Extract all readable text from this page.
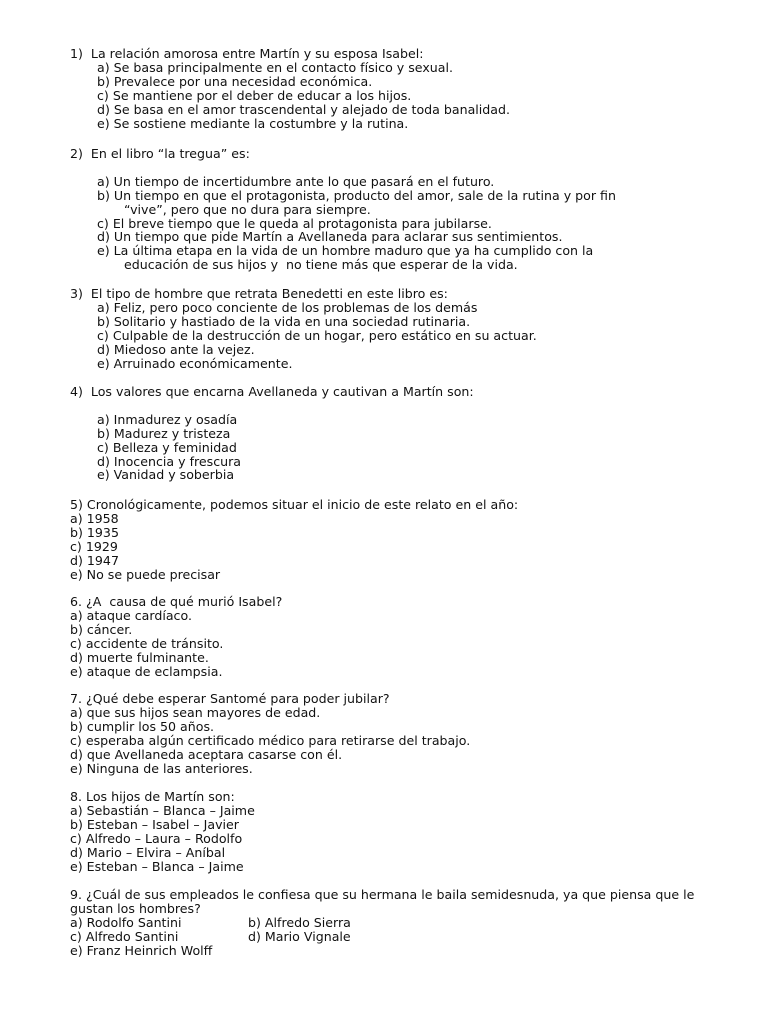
1)  La relación amorosa entre Martín y su esposa Isabel:
a) Se basa principalmente en el contacto físico y sexual.
b) Prevalece por una necesidad económica.
c) Se mantiene por el deber de educar a los hijos.
d) Se basa en el amor trascendental y alejado de toda banalidad.
e) Se sostiene mediante la costumbre y la rutina.
2)  En el libro “la tregua” es:
a) Un tiempo de incertidumbre ante lo que pasará en el futuro.
b) Un tiempo en que el protagonista, producto del amor, sale de la rutina y por fin
“vive”, pero que no dura para siempre.
c) El breve tiempo que le queda al protagonista para jubilarse.
d) Un tiempo que pide Martín a Avellaneda para aclarar sus sentimientos.
e) La última etapa en la vida de un hombre maduro que ya ha cumplido con la
educación de sus hijos y  no tiene más que esperar de la vida.
3)  El tipo de hombre que retrata Benedetti en este libro es:
a) Feliz, pero poco conciente de los problemas de los demás
b) Solitario y hastiado de la vida en una sociedad rutinaria.
c) Culpable de la destrucción de un hogar, pero estático en su actuar.
d) Miedoso ante la vejez.
e) Arruinado económicamente.
4)  Los valores que encarna Avellaneda y cautivan a Martín son:
a) Inmadurez y osadía
b) Madurez y tristeza
c) Belleza y feminidad
d) Inocencia y frescura
e) Vanidad y soberbia
5) Cronológicamente, podemos situar el inicio de este relato en el año:
a) 1958
b) 1935
c) 1929
d) 1947
e) No se puede precisar
6. ¿A  causa de qué murió Isabel?
a) ataque cardíaco.
b) cáncer.
c) accidente de tránsito.
d) muerte fulminante.
e) ataque de eclampsia.
7. ¿Qué debe esperar Santomé para poder jubilar?
a) que sus hijos sean mayores de edad.
b) cumplir los 50 años.
c) esperaba algún certificado médico para retirarse del trabajo.
d) que Avellaneda aceptara casarse con él.
e) Ninguna de las anteriores.
8. Los hijos de Martín son:
a) Sebastián – Blanca – Jaime
b) Esteban – Isabel – Javier
c) Alfredo – Laura – Rodolfo
d) Mario – Elvira – Aníbal
e) Esteban – Blanca – Jaime
9. ¿Cuál de sus empleados le confiesa que su hermana le baila semidesnuda, ya que piensa que le gustan los hombres?
a) Rodolfo Santini	b) Alfredo Sierra
c) Alfredo Santini	d) Mario Vignale
e) Franz Heinrich Wolff
